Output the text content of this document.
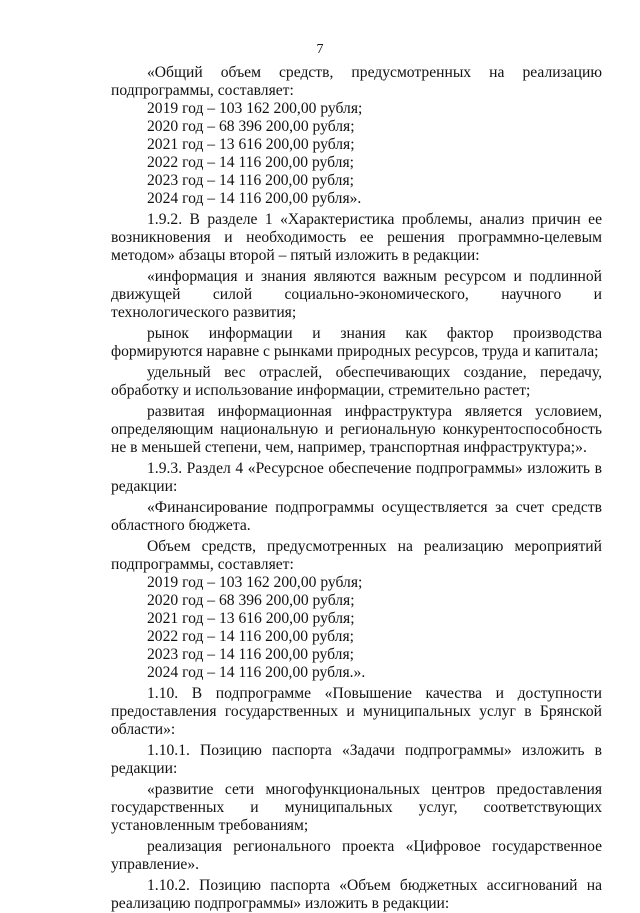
7

«Общий объем средств, предусмотренных на реализацию подпрограммы, составляет:

2019 год – 103 162 200,00 рубля;

2020 год – 68 396 200,00 рубля;

2021 год – 13 616 200,00 рубля;

2022 год – 14 116 200,00 рубля;

2023 год – 14 116 200,00 рубля;

2024 год – 14 116 200,00 рубля».

1.9.2. В разделе 1 «Характеристика проблемы, анализ причин ее возникновения и необходимость ее решения программно-целевым методом» абзацы второй – пятый изложить в редакции:

«информация и знания являются важным ресурсом и подлинной движущей силой социально-экономического, научного и технологического развития;

рынок информации и знания как фактор производства формируются наравне с рынками природных ресурсов, труда и капитала;

удельный вес отраслей, обеспечивающих создание, передачу, обработку и использование информации, стремительно растет;

развитая информационная инфраструктура является условием, определяющим национальную и региональную конкурентоспособность не в меньшей степени, чем, например, транспортная инфраструктура;».

1.9.3. Раздел 4 «Ресурсное обеспечение подпрограммы» изложить в редакции:

«Финансирование подпрограммы осуществляется за счет средств областного бюджета.

Объем средств, предусмотренных на реализацию мероприятий подпрограммы, составляет:

2019 год – 103 162 200,00 рубля;

2020 год – 68 396 200,00 рубля;

2021 год – 13 616 200,00 рубля;

2022 год – 14 116 200,00 рубля;

2023 год – 14 116 200,00 рубля;

2024 год – 14 116 200,00 рубля.».

1.10. В подпрограмме «Повышение качества и доступности предоставления государственных и муниципальных услуг в Брянской области»:

1.10.1. Позицию паспорта «Задачи подпрограммы» изложить в редакции:

«развитие сети многофункциональных центров предоставления государственных и муниципальных услуг, соответствующих установленным требованиям;

реализация регионального проекта «Цифровое государственное управление».

1.10.2. Позицию паспорта «Объем бюджетных ассигнований на реализацию подпрограммы» изложить в редакции:
